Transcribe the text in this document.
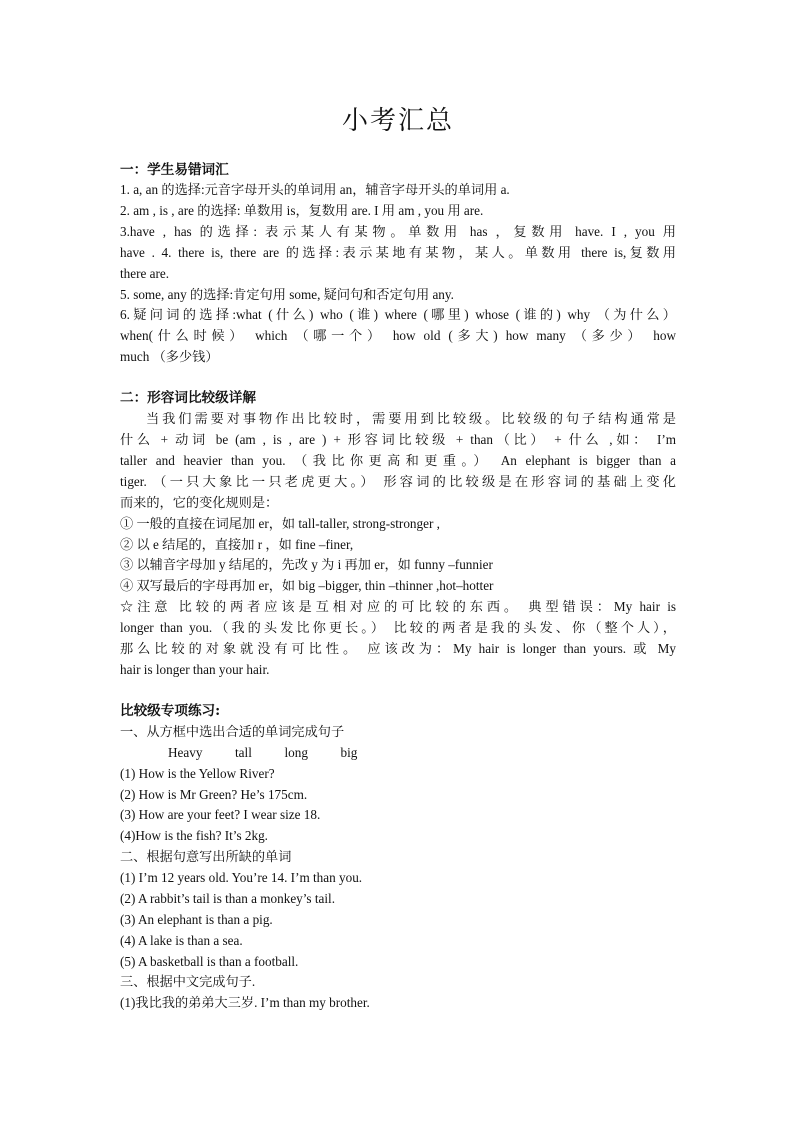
小考汇总
一：学生易错词汇
1. a, an 的选择:元音字母开头的单词用 an，辅音字母开头的单词用 a.
2. am , is , are 的选择: 单数用 is，复数用 are. I 用 am , you 用 are.
3.have , has 的选择: 表示某人有某物。单数用 has ，复数用 have. I , you 用
have . 4. there is, there are 的选择:表示某地有某物，某人。单数用 there is,复数用
there are.
5. some, any 的选择:肯定句用 some, 疑问句和否定句用 any.
6.疑问词的选择:what (什么) who (谁) where (哪里) whose (谁的) why （为什么）
when(什么时候） which （哪一个） how old (多大) how many （多少） how
much （多少钱）
二：形容词比较级详解
当我们需要对事物作出比较时，需要用到比较级。比较级的句子结构通常是
什么 + 动词 be (am , is , are ) + 形容词比较级 + than（比） + 什么 ,如： I’m
taller and heavier than you. （我比你更高和更重。） An elephant is bigger than a
tiger. （一只大象比一只老虎更大。） 形容词的比较级是在形容词的基础上变化
而来的，它的变化规则是：
① 一般的直接在词尾加 er，如 tall-taller, strong-stronger ,
② 以 e 结尾的，直接加 r ，如 fine –finer,
③ 以辅音字母加 y 结尾的，先改 y 为 i 再加 er，如 funny –funnier
④ 双写最后的字母再加 er，如 big –bigger, thin –thinner ,hot–hotter
☆注意 比较的两者应该是互相对应的可比较的东西。 典型错误：My hair is
longer than you.（我的头发比你更长。） 比较的两者是我的头发、你（整个人），
那么比较的对象就没有可比性。 应该改为：My hair is longer than yours. 或 My
hair is longer than your hair.
比较级专项练习:
一、从方框中选出合适的单词完成句子
Heavy tall long big
(1) How is the Yellow River?
(2) How is Mr Green? He’s 175cm.
(3) How are your feet? I wear size 18.
(4)How is the fish? It’s 2kg.
二、根据句意写出所缺的单词
(1) I’m 12 years old. You’re 14. I’m than you.
(2) A rabbit’s tail is than a monkey’s tail.
(3) An elephant is than a pig.
(4) A lake is than a sea.
(5) A basketball is than a football.
三、根据中文完成句子.
(1)我比我的弟弟大三岁. I’m than my brother.
